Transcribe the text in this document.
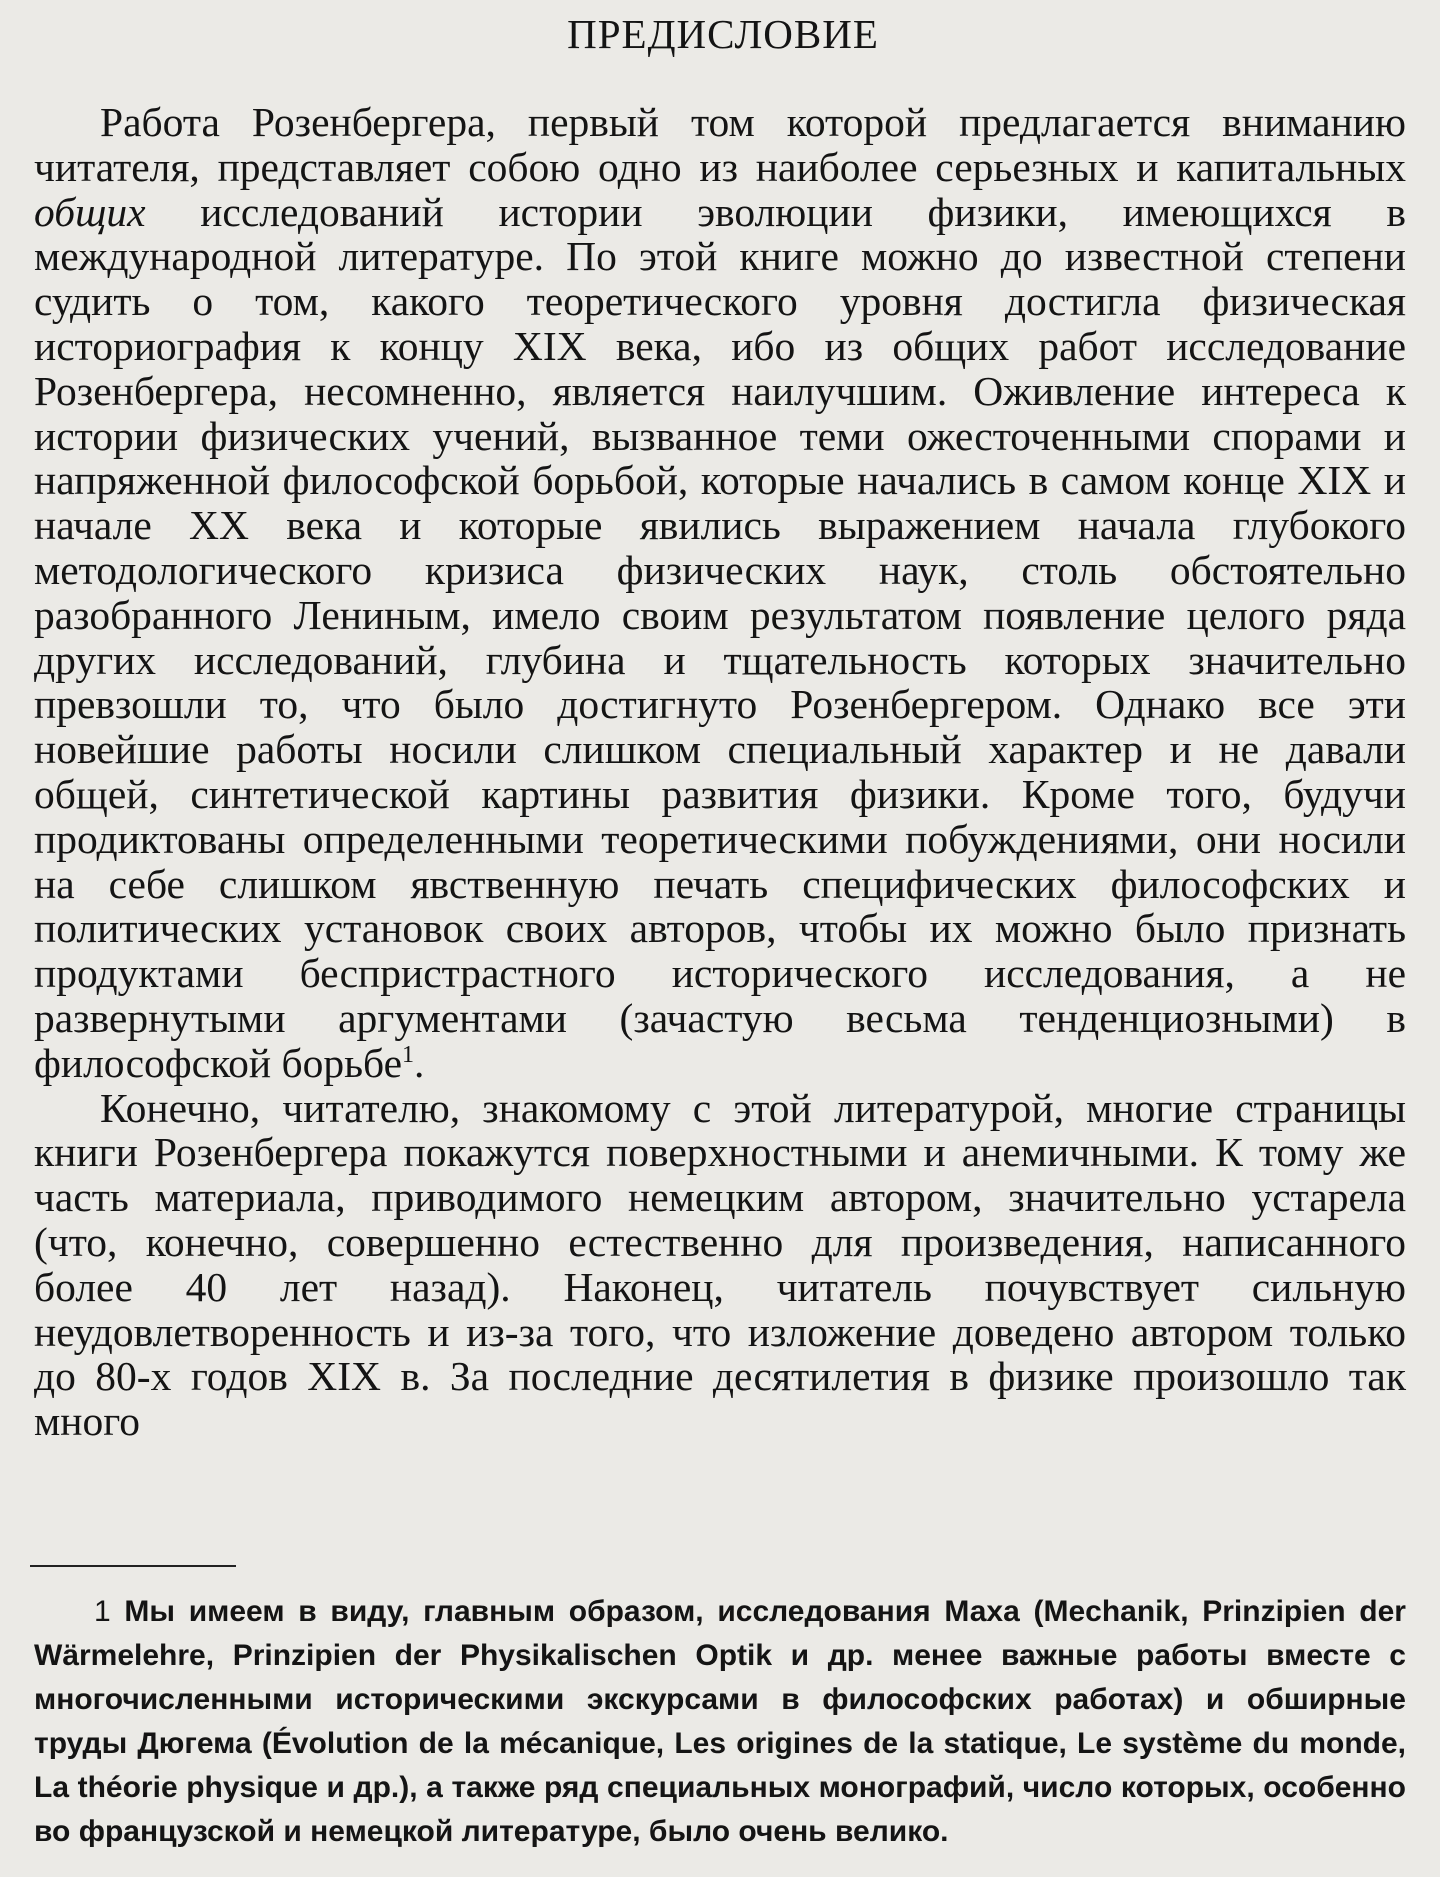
ПРЕДИСЛОВИЕ

Работа Розенбергера, первый том которой предлагается вниманию читателя, представляет собою одно из наиболее серьезных и капитальных общих исследований истории эволюции физики, имеющихся в международной литературе. По этой книге можно до известной степени судить о том, какого теоретического уровня достигла физическая историография к концу XIX века, ибо из общих работ исследование Розенбергера, несомненно, является наилучшим. Оживление интереса к истории физических учений, вызванное теми ожесточенными спорами и напряженной философской борьбой, которые начались в самом конце XIX и начале XX века и которые явились выражением начала глубокого методологического кризиса физических наук, столь обстоятельно разобранного Лениным, имело своим результатом появление целого ряда других исследований, глубина и тщательность которых значительно превзошли то, что было достигнуто Розенбергером. Однако все эти новейшие работы носили слишком специальный характер и не давали общей, синтетической картины развития физики. Кроме того, будучи продиктованы определенными теоретическими побуждениями, они носили на себе слишком явственную печать специфических философских и политических установок своих авторов, чтобы их можно было признать продуктами беспристрастного исторического исследования, а не развернутыми аргументами (зачастую весьма тенденциозными) в философской борьбе$^1$.

Конечно, читателю, знакомому с этой литературой, многие страницы книги Розенбергера покажутся поверхностными и анемичными. К тому же часть материала, приводимого немецким автором, значительно устарела (что, конечно, совершенно естественно для произведения, написанного более 40 лет назад). Наконец, читатель почувствует сильную неудовлетворенность и из-за того, что изложение доведено автором только до 80-х годов XIX в. За последние десятилетия в физике произошло так много

1 Мы имеем в виду, главным образом, исследования Маха (Mechanik, Prinzipien der Wärmelehre, Prinzipien der Physikalischen Optik и др. менее важные работы вместе с многочисленными историческими экскурсами в философских работах) и обширные труды Дюгема (Évolution de la mécanique, Les origines de la statique, Le système du monde, La théorie physique и др.), а также ряд специальных монографий, число которых, особенно во французской и немецкой литературе, было очень велико.
